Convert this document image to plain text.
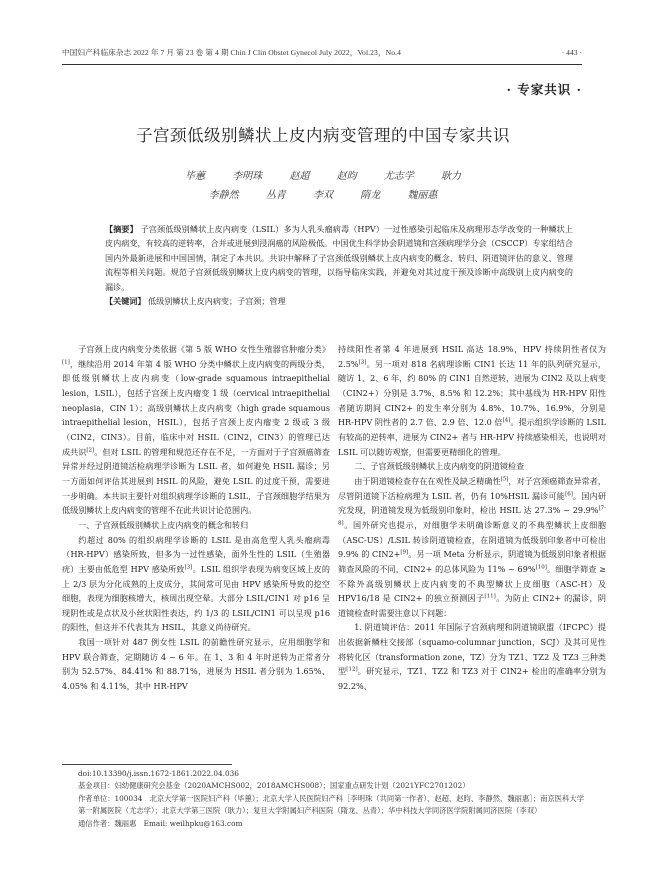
中国妇产科临床杂志 2022 年 7 月 第 23 卷 第 4 期 Chin J Clin Obstet Gynecol July 2022，Vol.23，No.4	· 443 ·
· 专家共识 ·
子宫颈低级别鳞状上皮内病变管理的中国专家共识
毕蕙	李明珠	赵超	赵昀	尤志学	耿力
李静然	丛青	李双	隋龙	魏丽惠

【摘要】 子宫颈低级别鳞状上皮内病变（LSIL）多为人乳头瘤病毒（HPV）一过性感染引起临床及病理形态学改变的一种鳞状上皮内病变，有较高的逆转率，合并或进展到浸润癌的风险极低。中国优生科学协会阴道镜和宫颈病理学分会（CSCCP）专家组结合国内外最新进展和中国国情，制定了本共识。共识中解释了子宫颈低级别鳞状上皮内病变的概念、转归、阴道镜评估的意义、管理流程等相关问题。规范子宫颈低级别鳞状上皮内病变的管理，以指导临床实践，并避免对其过度干预及诊断中高级别上皮内病变的漏诊。

【关键词】 低级别鳞状上皮内病变；子宫颈；管理

子宫颈上皮内病变分类依据《第 5 版 WHO 女性生殖器官肿瘤分类》[1]，继续沿用 2014 年第 4 版 WHO 分类中鳞状上皮内病变的两级分类，即低级别鳞状上皮内病变（low-grade squamous intraepithelial lesion，LSIL），包括子宫颈上皮内瘤变 1 级（cervical intraepithelial neoplasia，CIN 1）；高级别鳞状上皮内病变（high grade squamous intraepithelial lesion，HSIL），包括子宫颈上皮内瘤变 2 级或 3 级（CIN2，CIN3）。目前，临床中对 HSIL（CIN2，CIN3）的管理已达成共识[2]。但对 LSIL 的管理和规范还存在不足，一方面对于子宫颈癌筛查异常并经过阴道镜活检病理学诊断为 LSIL 者，如何避免 HSIL 漏诊；另一方面如何评估其进展到 HSIL 的风险，避免 LSIL 的过度干预，需要进一步明确。本共识主要针对组织病理学诊断的 LSIL，子宫颈细胞学结果为低级别鳞状上皮内病变的管理不在此共识讨论范围内。

一、子宫颈低级别鳞状上皮内病变的概念和转归

约超过 80% 的组织病理学诊断的 LSIL 是由高危型人乳头瘤病毒（HR-HPV）感染所致，但多为一过性感染，面外生性的 LSIL（生殖器疣）主要由低危型 HPV 感染所致[3]。LSIL 组织学表现为病变区域上皮的上 2/3 层为分化成熟的上皮成分，其间常可见由 HPV 感染所导致的挖空细胞，表现为细胞核增大，核周出现空晕。大部分 LSIL/CIN1 对 p16 呈现阴性或是点状及小丝状阳性表达，约 1/3 的 LSIL/CIN1 可以呈现 p16 的阳性，但这并不代表其为 HSIL，其意义尚待研究。

我国一项针对 487 例女性 LSIL 的前瞻性研究显示，应用细胞学和 HPV 联合筛查，定期随访 4 ~ 6 年。在 1、3 和 4 年时逆转为正常者分别为 52.57%、84.41% 和 88.71%，进展为 HSIL 者分别为 1.65%、4.05% 和 4.11%，其中 HR-HPV

持续阳性者第 4 年进展到 HSIL 高达 18.9%，HPV 持续阴性者仅为 2.5%[3]。另一项对 818 名病理诊断 CIN1 长达 11 年的队列研究显示，随访 1、2、6 年，约 80% 的 CIN1 自然逆转，进展为 CIN2 及以上病变（CIN2+）分别是 3.7%、8.5% 和 12.2%；其中基线为 HR-HPV 阳性者随访期间 CIN2+ 的发生率分别为 4.8%、10.7%、16.9%，分别是 HR-HPV 阴性者的 2.7 倍、2.9 倍、12.0 倍[4]。提示组织学诊断的 LSIL 有较高的逆转率，进展为 CIN2+ 者与 HR-HPV 持续感染相关，也说明对 LSIL 可以随访观察，但需要更精细化的管理。

二、子宫颈低级别鳞状上皮内病变的阴道镜检查

由于阴道镜检查存在在观性及缺乏精确性[5]，对子宫颈癌筛查异常者，尽管阴道镜下活检病理为 LSIL 者，仍有 10%HSIL 漏诊可能[6]。国内研究发现，阴道镜发现为低级别印象时，检出 HSIL 达 27.3% ~ 29.9%[7-8]。国外研究也提示，对细胞学未明确诊断意义的不典型鳞状上皮细胞（ASC-US）/LSIL 转诊阴道镜检查，在阴道镜为低级别印象者中可检出 9.9% 的 CIN2+[9]。另一项 Meta 分析显示，阴道镜为低级别印象者根据筛查风险的不同，CIN2+ 的总体风险为 11% ~ 69%[10]。细胞学筛查 ≥ 不除外高级别鳞状上皮内病变的不典型鳞状上皮细胞（ASC-H）及 HPV16/18 是 CIN2+ 的独立预测因子[11]。为防止 CIN2+ 的漏诊，阴道镜检查时需要注意以下问题：

1. 阴道镜评估：2011 年国际子宫颈病理和阴道镜联盟（IFCPC）提出依据新鳞柱交接部（squamo-columnar junction，SCJ）及其可见性将转化区（transformation zone，TZ）分为 TZ1、TZ2 及 TZ3 三种类型[12]。研究显示，TZ1、TZ2 和 TZ3 对于 CIN2+ 检出的准确率分别为 92.2%、

doi:10.13390/j.issn.1672-1861.2022.04.036

基金项目：妇幼健康研究会基金（2020AMCHS002，2018AMCHS008）；国家重点研发计划（2021YFC2701202）

作者单位：100034　北京大学第一医院妇产科（毕蕙）；北京大学人民医院妇产科［李明珠（共同第一作者）、赵超、赵昀、李静然、魏丽惠］；南京医科大学第一附属医院（尤志学）；北京大学第三医院（耿力）；复旦大学附属妇产科医院（隋龙、丛青）；华中科技大学同济医学院附属同济医院（李双）

通信作者：魏丽惠　Email: weilhpku@163.com
